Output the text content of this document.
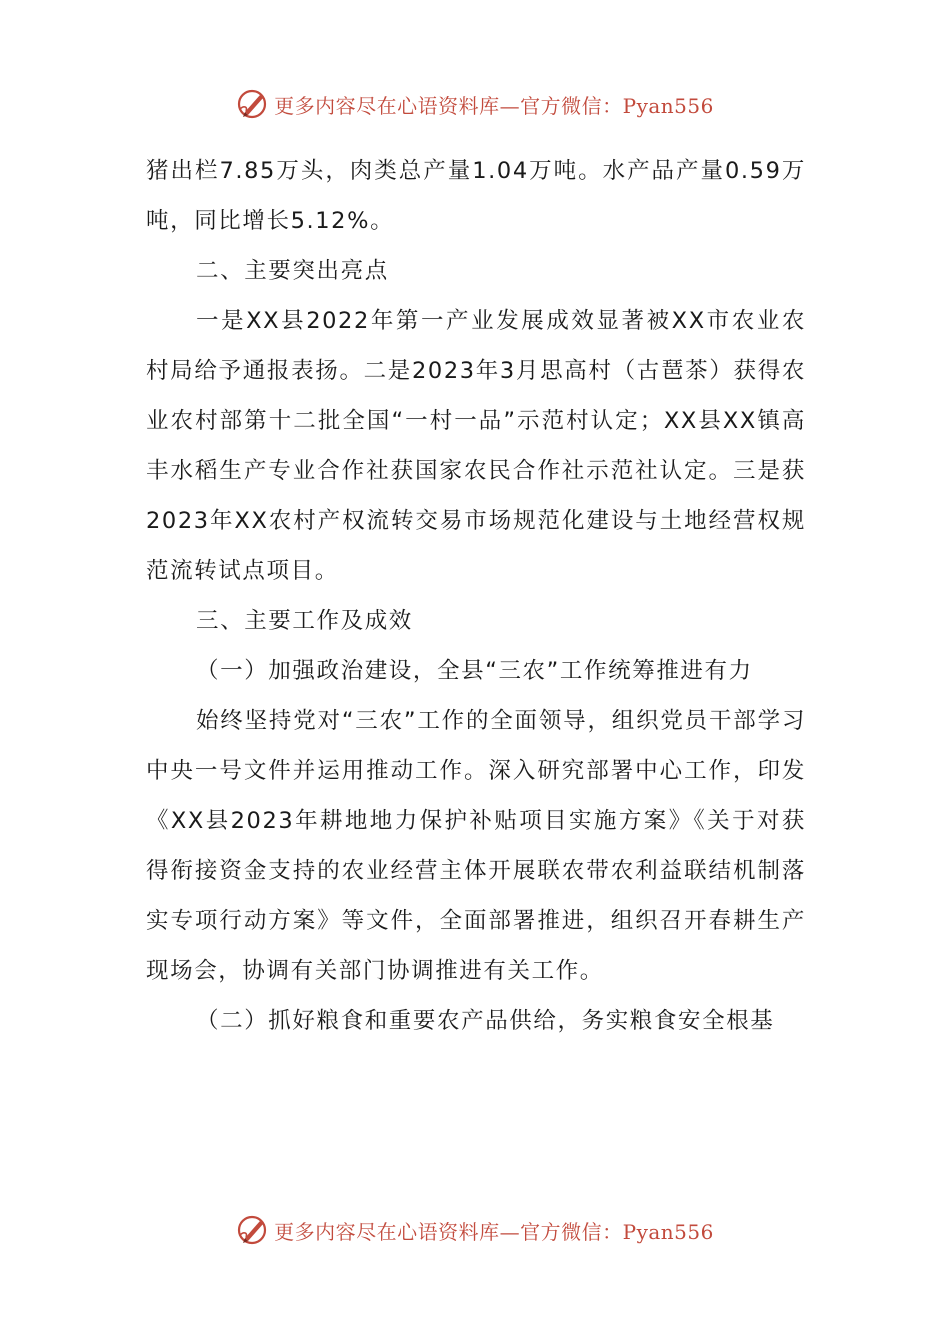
更多内容尽在心语资料库—官方微信：Pyan556

猪出栏7.85万头，肉类总产量1.04万吨。水产品产量0.59万吨，同比增长5.12%。

二、主要突出亮点

一是XX县2022年第一产业发展成效显著被XX市农业农村局给予通报表扬。二是2023年3月思高村（古琶茶）获得农业农村部第十二批全国“一村一品”示范村认定；XX县XX镇高丰水稻生产专业合作社获国家农民合作社示范社认定。三是获2023年XX农村产权流转交易市场规范化建设与土地经营权规范流转试点项目。

三、主要工作及成效

（一）加强政治建设，全县“三农”工作统筹推进有力

始终坚持党对“三农”工作的全面领导，组织党员干部学习中央一号文件并运用推动工作。深入研究部署中心工作，印发《XX县2023年耕地地力保护补贴项目实施方案》《关于对获得衔接资金支持的农业经营主体开展联农带农利益联结机制落实专项行动方案》等文件，全面部署推进，组织召开春耕生产现场会，协调有关部门协调推进有关工作。

（二）抓好粮食和重要农产品供给，务实粮食安全根基

更多内容尽在心语资料库—官方微信：Pyan556
